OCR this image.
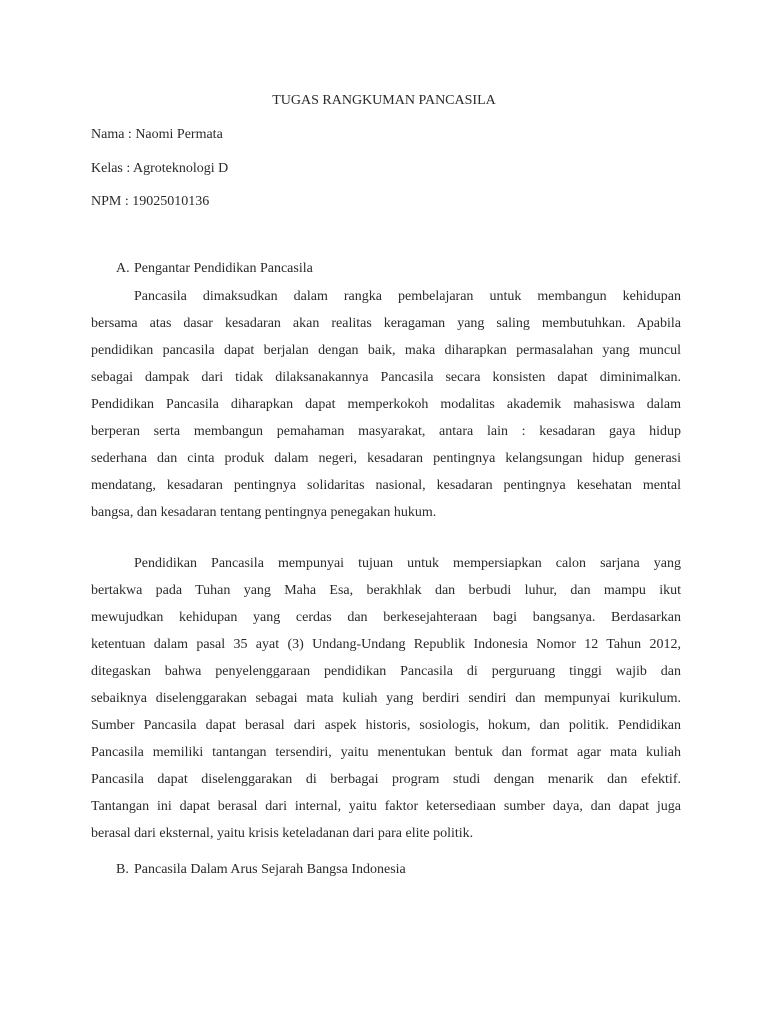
TUGAS RANGKUMAN PANCASILA
Nama : Naomi Permata
Kelas : Agroteknologi D
NPM : 19025010136
A. Pengantar Pendidikan Pancasila
Pancasila dimaksudkan dalam rangka pembelajaran untuk membangun kehidupan
bersama atas dasar kesadaran akan realitas keragaman yang saling membutuhkan. Apabila
pendidikan pancasila dapat berjalan dengan baik, maka diharapkan permasalahan yang muncul
sebagai dampak dari tidak dilaksanakannya Pancasila secara konsisten dapat diminimalkan.
Pendidikan Pancasila diharapkan dapat memperkokoh modalitas akademik mahasiswa dalam
berperan serta membangun pemahaman masyarakat, antara lain : kesadaran gaya hidup
sederhana dan cinta produk dalam negeri, kesadaran pentingnya kelangsungan hidup generasi
mendatang, kesadaran pentingnya solidaritas nasional, kesadaran pentingnya kesehatan mental
bangsa, dan kesadaran tentang pentingnya penegakan hukum.
Pendidikan Pancasila mempunyai tujuan untuk mempersiapkan calon sarjana yang
bertakwa pada Tuhan yang Maha Esa, berakhlak dan berbudi luhur, dan mampu ikut
mewujudkan kehidupan yang cerdas dan berkesejahteraan bagi bangsanya. Berdasarkan
ketentuan dalam pasal 35 ayat (3) Undang-Undang Republik Indonesia Nomor 12 Tahun 2012,
ditegaskan bahwa penyelenggaraan pendidikan Pancasila di perguruang tinggi wajib dan
sebaiknya diselenggarakan sebagai mata kuliah yang berdiri sendiri dan mempunyai kurikulum.
Sumber Pancasila dapat berasal dari aspek historis, sosiologis, hokum, dan politik. Pendidikan
Pancasila memiliki tantangan tersendiri, yaitu menentukan bentuk dan format agar mata kuliah
Pancasila dapat diselenggarakan di berbagai program studi dengan menarik dan efektif.
Tantangan ini dapat berasal dari internal, yaitu faktor ketersediaan sumber daya, dan dapat juga
berasal dari eksternal, yaitu krisis keteladanan dari para elite politik.
B. Pancasila Dalam Arus Sejarah Bangsa Indonesia
